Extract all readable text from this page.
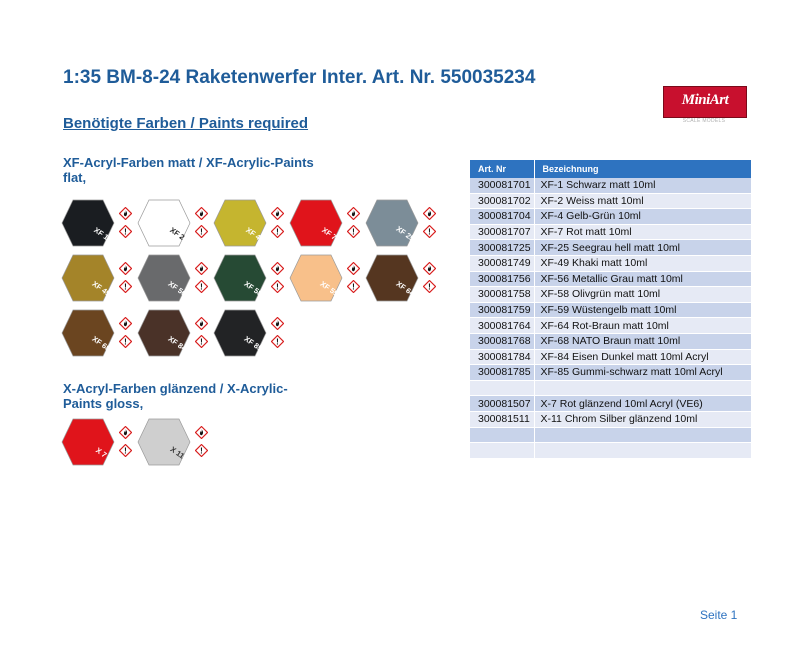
1:35 BM-8-24 Raketenwerfer Inter. Art. Nr. 550035234
MiniArt
SCALE MODELS
Benötigte Farben / Paints required
XF-Acryl-Farben matt / XF-Acrylic-Paints
flat,
XF 1 !	XF 2 !	XF 4 !	XF 7 !	XF 25 !
XF 49 !	XF 56 !	XF 58 !	XF 59 !	XF 64 !
XF 68 !	XF 84 !	XF 85 !
X-Acryl-Farben glänzend / X-Acrylic-
Paints gloss,
X 7 !	X 11 !
Art. Nr	Bezeichnung
300081701	XF-1 Schwarz matt 10ml
300081702	XF-2 Weiss matt 10ml
300081704	XF-4 Gelb-Grün 10ml
300081707	XF-7 Rot matt 10ml
300081725	XF-25 Seegrau hell matt 10ml
300081749	XF-49 Khaki matt 10ml
300081756	XF-56 Metallic Grau matt 10ml
300081758	XF-58 Olivgrün matt 10ml
300081759	XF-59 Wüstengelb matt 10ml
300081764	XF-64 Rot-Braun matt 10ml
300081768	XF-68 NATO Braun matt 10ml
300081784	XF-84 Eisen Dunkel matt 10ml Acryl
300081785	XF-85 Gummi-schwarz matt 10ml Acryl

300081507	X-7 Rot glänzend 10ml Acryl (VE6)
300081511	X-11 Chrom Silber glänzend 10ml

Seite 1
